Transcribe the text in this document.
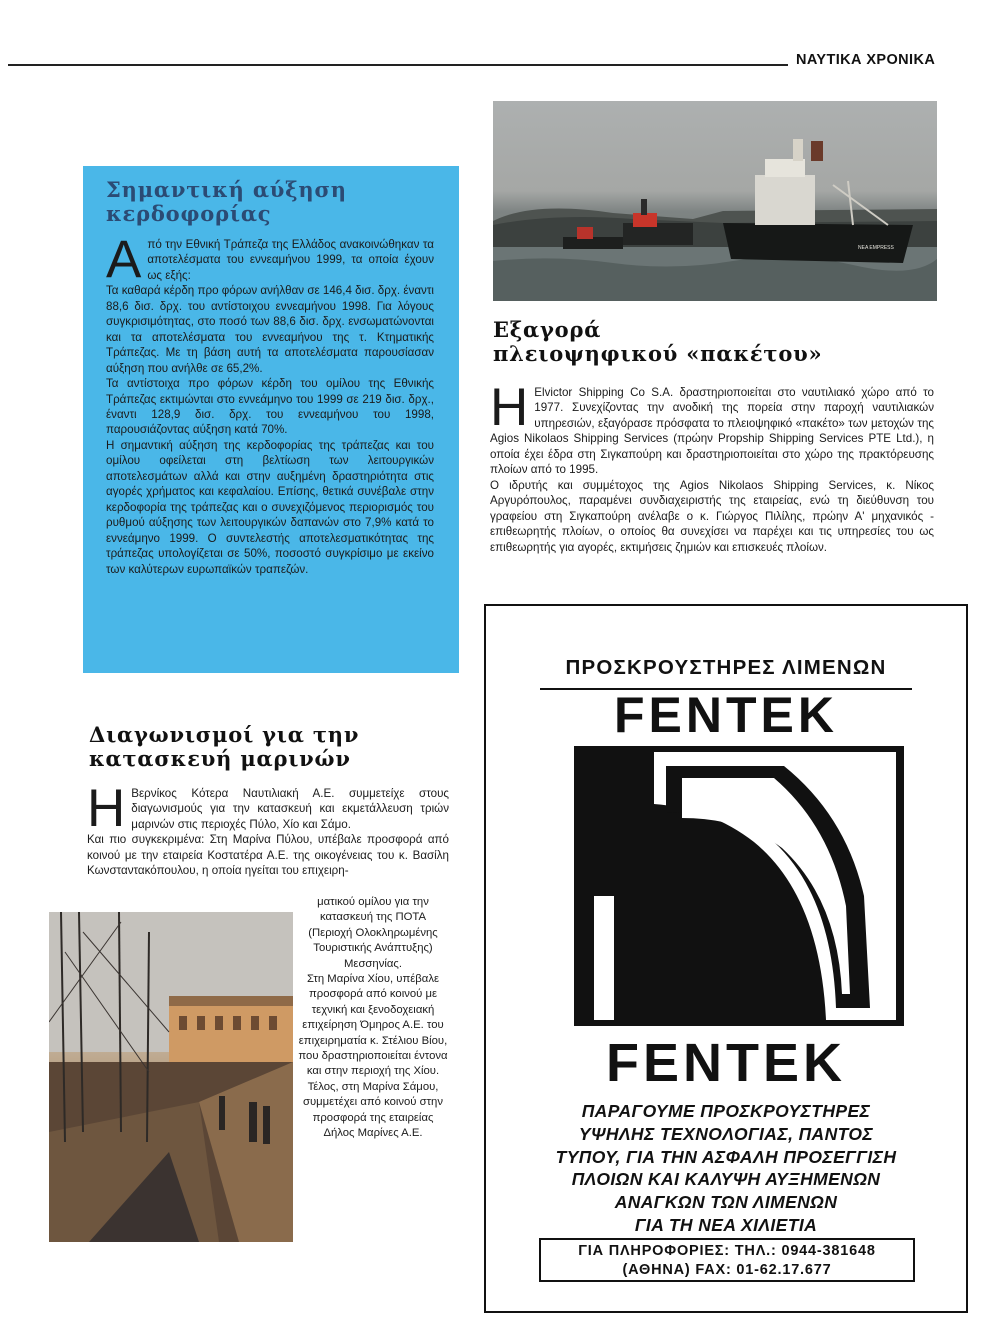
ΝΑΥΤΙΚΑ ΧΡΟΝΙΚΑ
NEA EMPRESS
Σημαντική αύξηση
κερδοφορίας

Από την Εθνική Τράπεζα της Ελλάδος ανακοινώθηκαν τα αποτελέσματα του εννεαμήνου 1999, τα οποία έχουν ως εξής:

Τα καθαρά κέρδη προ φόρων ανήλθαν σε 146,4 δισ. δρχ. έναντι 88,6 δισ. δρχ. του αντίστοιχου εννεαμήνου 1998. Για λόγους συγκρισιμότητας, στο ποσό των 88,6 δισ. δρχ. ενσωματώνονται και τα αποτελέσματα του εννεαμήνου της τ. Κτηματικής Τράπεζας. Με τη βάση αυτή τα αποτελέσματα παρουσίασαν αύξηση που ανήλθε σε 65,2%.

Τα αντίστοιχα προ φόρων κέρδη του ομίλου της Εθνικής Τράπεζας εκτιμώνται στο εννεάμηνο του 1999 σε 219 δισ. δρχ., έναντι 128,9 δισ. δρχ. του εννεαμήνου του 1998, παρουσιάζοντας αύξηση κατά 70%.

Η σημαντική αύξηση της κερδοφορίας της τράπεζας και του ομίλου οφείλεται στη βελτίωση των λειτουργικών αποτελεσμάτων αλλά και στην αυξημένη δραστηριότητα στις αγορές χρήματος και κεφαλαίου. Επίσης, θετικά συνέβαλε στην κερδοφορία της τράπεζας και ο συνεχιζόμενος περιορισμός του ρυθμού αύξησης των λειτουργικών δαπανών στο 7,9% κατά το εννεάμηνο 1999. Ο συντελεστής αποτελεσματικότητας της τράπεζας υπολογίζεται σε 50%, ποσοστό συγκρίσιμο με εκείνο των καλύτερων ευρωπαϊκών τραπεζών.

Εξαγορά
πλειοψηφικού «πακέτου»

Η Elvictor Shipping Co S.A. δραστηριοποιείται στο ναυτιλιακό χώρο από το 1977. Συνεχίζοντας την ανοδική της πορεία στην παροχή ναυτιλιακών υπηρεσιών, εξαγόρασε πρόσφατα το πλειοψηφικό «πακέτο» των μετοχών της Agios Nikolaos Shipping Services (πρώην Propship Shipping Services PTE Ltd.), η οποία έχει έδρα στη Σιγκαπούρη και δραστηριοποιείται στο χώρο της πρακτόρευσης πλοίων από το 1995.

Ο ιδρυτής και συμμέτοχος της Agios Nikolaos Shipping Services, κ. Νίκος Αργυρόπουλος, παραμένει συνδιαχειριστής της εταιρείας, ενώ τη διεύθυνση του γραφείου στη Σιγκαπούρη ανέλαβε ο κ. Γιώργος Πιλίλης, πρώην Α' μηχανικός - επιθεωρητής πλοίων, ο οποίος θα συνεχίσει να παρέχει και τις υπηρεσίες του ως επιθεωρητής για αγορές, εκτιμήσεις ζημιών και επισκευές πλοίων.

Διαγωνισμοί για την
κατασκευή μαρινών

Η Βερνίκος Κότερα Ναυτιλιακή Α.Ε. συμμετείχε στους διαγωνισμούς για την κατασκευή και εκμετάλλευση τριών μαρινών στις περιοχές Πύλο, Χίο και Σάμο.

Και πιο συγκεκριμένα: Στη Μαρίνα Πύλου, υπέβαλε προσφορά από κοινού με την εταιρεία Κοστατέρα Α.Ε. της οικογένειας του κ. Βασίλη Κωνσταντακόπουλου, η οποία ηγείται του επιχειρη-

ματικού ομίλου για την κατασκευή της ΠΟΤΑ (Περιοχή Ολοκληρωμένης Τουριστικής Ανάπτυξης) Μεσσηνίας.

Στη Μαρίνα Χίου, υπέβαλε προσφορά από κοινού με τεχνική και ξενοδοχειακή επιχείρηση Όμηρος Α.Ε. του επιχειρηματία κ. Στέλιου Βίου, που δραστηριοποιείται έντονα και στην περιοχή της Χίου.

Τέλος, στη Μαρίνα Σάμου, συμμετέχει από κοινού στην προσφορά της εταιρείας Δήλος Μαρίνες Α.Ε.

ΠΡΟΣΚΡΟΥΣΤΗΡΕΣ ΛΙΜΕΝΩΝ
FENTEK
FENTEK
ΠΑΡΑΓΟΥΜΕ ΠΡΟΣΚΡΟΥΣΤΗΡΕΣ
ΥΨΗΛΗΣ ΤΕΧΝΟΛΟΓΙΑΣ, ΠΑΝΤΟΣ
ΤΥΠΟΥ, ΓΙΑ ΤΗΝ ΑΣΦΑΛΗ ΠΡΟΣΕΓΓΙΣΗ
ΠΛΟΙΩΝ ΚΑΙ ΚΑΛΥΨΗ ΑΥΞΗΜΕΝΩΝ
ΑΝΑΓΚΩΝ ΤΩΝ ΛΙΜΕΝΩΝ
ΓΙΑ ΤΗ ΝΕΑ ΧΙΛΙΕΤΙΑ
ΓΙΑ ΠΛΗΡΟΦΟΡΙΕΣ: ΤΗΛ.: 0944-381648
(ΑΘΗΝΑ) FAX: 01-62.17.677
